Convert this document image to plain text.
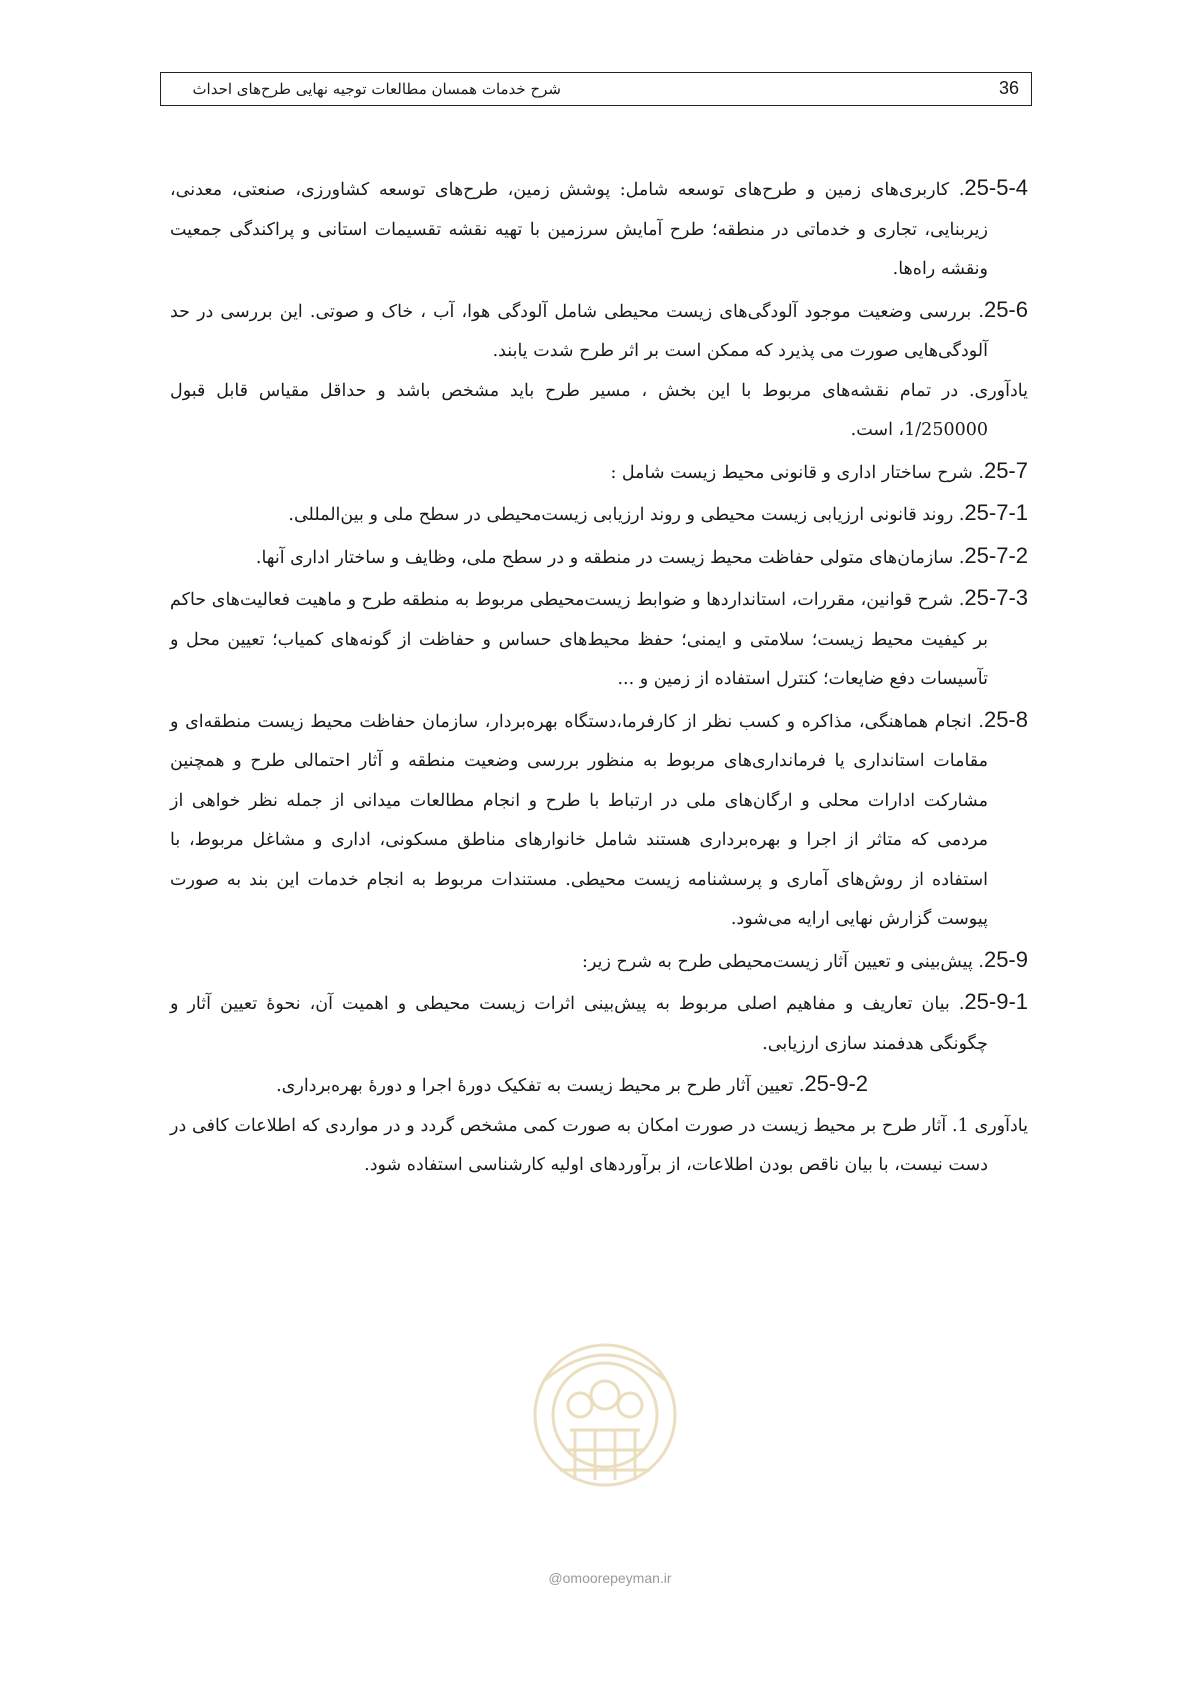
شرح خدمات همسان مطالعات توجیه نهایی طرح‌های احداث	36

25-5-4. کاربری‌های زمین و طرح‌های توسعه شامل: پوشش زمین، طرح‌های توسعه کشاورزی، صنعتی، معدنی، زیربنایی، تجاری و خدماتی در منطقه؛ طرح آمایش سرزمین با تهیه نقشه تقسیمات استانی و پراکندگی جمعیت ونقشه راه‌ها.

25-6. بررسی وضعیت موجود آلودگی‌های زیست محیطی شامل آلودگی هوا، آب ، خاک و صوتی. این بررسی در حد آلودگی‌هایی صورت می پذیرد که ممکن است بر اثر طرح شدت یابند.

یادآوری. در تمام نقشه‌های مربوط با این بخش ، مسیر طرح باید مشخص باشد و حداقل مقیاس قابل قبول 1/250000، است.

25-7. شرح ساختار اداری و قانونی محیط زیست شامل :

25-7-1. روند قانونی ارزیابی زیست محیطی و روند ارزیابی زیست‌محیطی در سطح ملی و بین‌المللی.

25-7-2. سازمان‌های متولی حفاظت محیط زیست در منطقه و در سطح ملی، وظایف و ساختار اداری آنها.

25-7-3. شرح قوانین، مقررات، استانداردها و ضوابط زیست‌محیطی مربوط به منطقه طرح و ماهیت فعالیت‌های حاکم بر کیفیت محیط زیست؛ سلامتی و ایمنی؛ حفظ محیط‌های حساس و حفاظت از گونه‌های کمیاب؛ تعیین محل و تآسیسات دفع ضایعات؛ کنترل استفاده از زمین و ...

25-8. انجام هماهنگی، مذاکره و کسب نظر از کارفرما،دستگاه بهره‌بردار، سازمان حفاظت محیط زیست منطقه‌ای و مقامات استانداری یا فرمانداری‌های مربوط به منظور بررسی وضعیت منطقه و آثار احتمالی طرح و همچنین مشارکت ادارات محلی و ارگان‌های ملی در ارتباط با طرح و انجام مطالعات میدانی از جمله نظر خواهی از مردمی که متاثر از اجرا و بهره‌برداری هستند شامل خانوارهای مناطق مسکونی، اداری و مشاغل مربوط، با استفاده از روش‌های آماری و پرسشنامه زیست محیطی. مستندات مربوط به انجام خدمات این بند به صورت پیوست گزارش نهایی ارایه می‌شود.

25-9. پیش‌بینی و تعیین آثار زیست‌محیطی طرح به شرح زیر:

25-9-1. بیان تعاریف و مفاهیم اصلی مربوط به پیش‌بینی اثرات زیست محیطی و اهمیت آن، نحوهٔ تعیین آثار و چگونگی هدفمند سازی ارزیابی.

25-9-2. تعیین آثار طرح بر محیط زیست به تفکیک دورهٔ اجرا و دورهٔ بهره‌برداری.

یادآوری 1. آثار طرح بر محیط زیست در صورت امکان به صورت کمی مشخص گردد و در مواردی که اطلاعات کافی در دست نیست، با بیان ناقص بودن اطلاعات، از برآوردهای اولیه کارشناسی استفاده شود.

@omoorepeyman.ir
